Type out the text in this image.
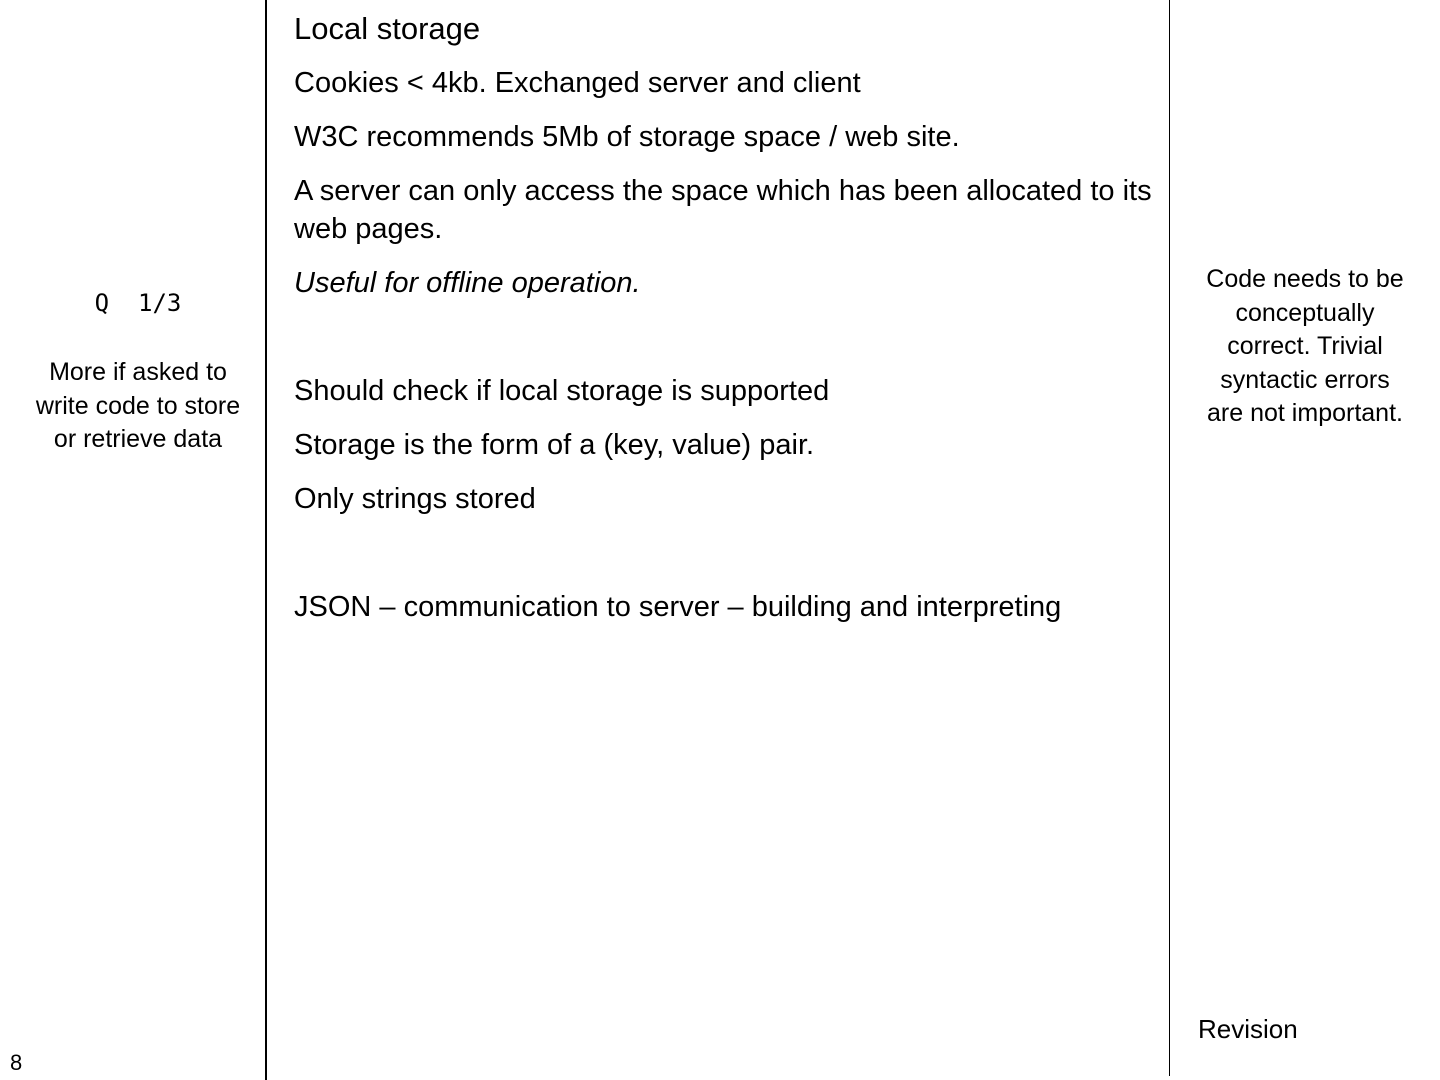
Q  1/3
More if asked to write code to store or retrieve data
8
Local storage
Cookies < 4kb. Exchanged server and client
W3C recommends 5Mb of storage space / web site.
A server can only access the space which has been allocated to its web pages.
Useful for offline operation.
Should check if local storage is supported
Storage is the form of a (key, value) pair.
Only strings stored
JSON – communication to server – building and interpreting
Code needs to be conceptually correct. Trivial syntactic errors are not important.
Revision
